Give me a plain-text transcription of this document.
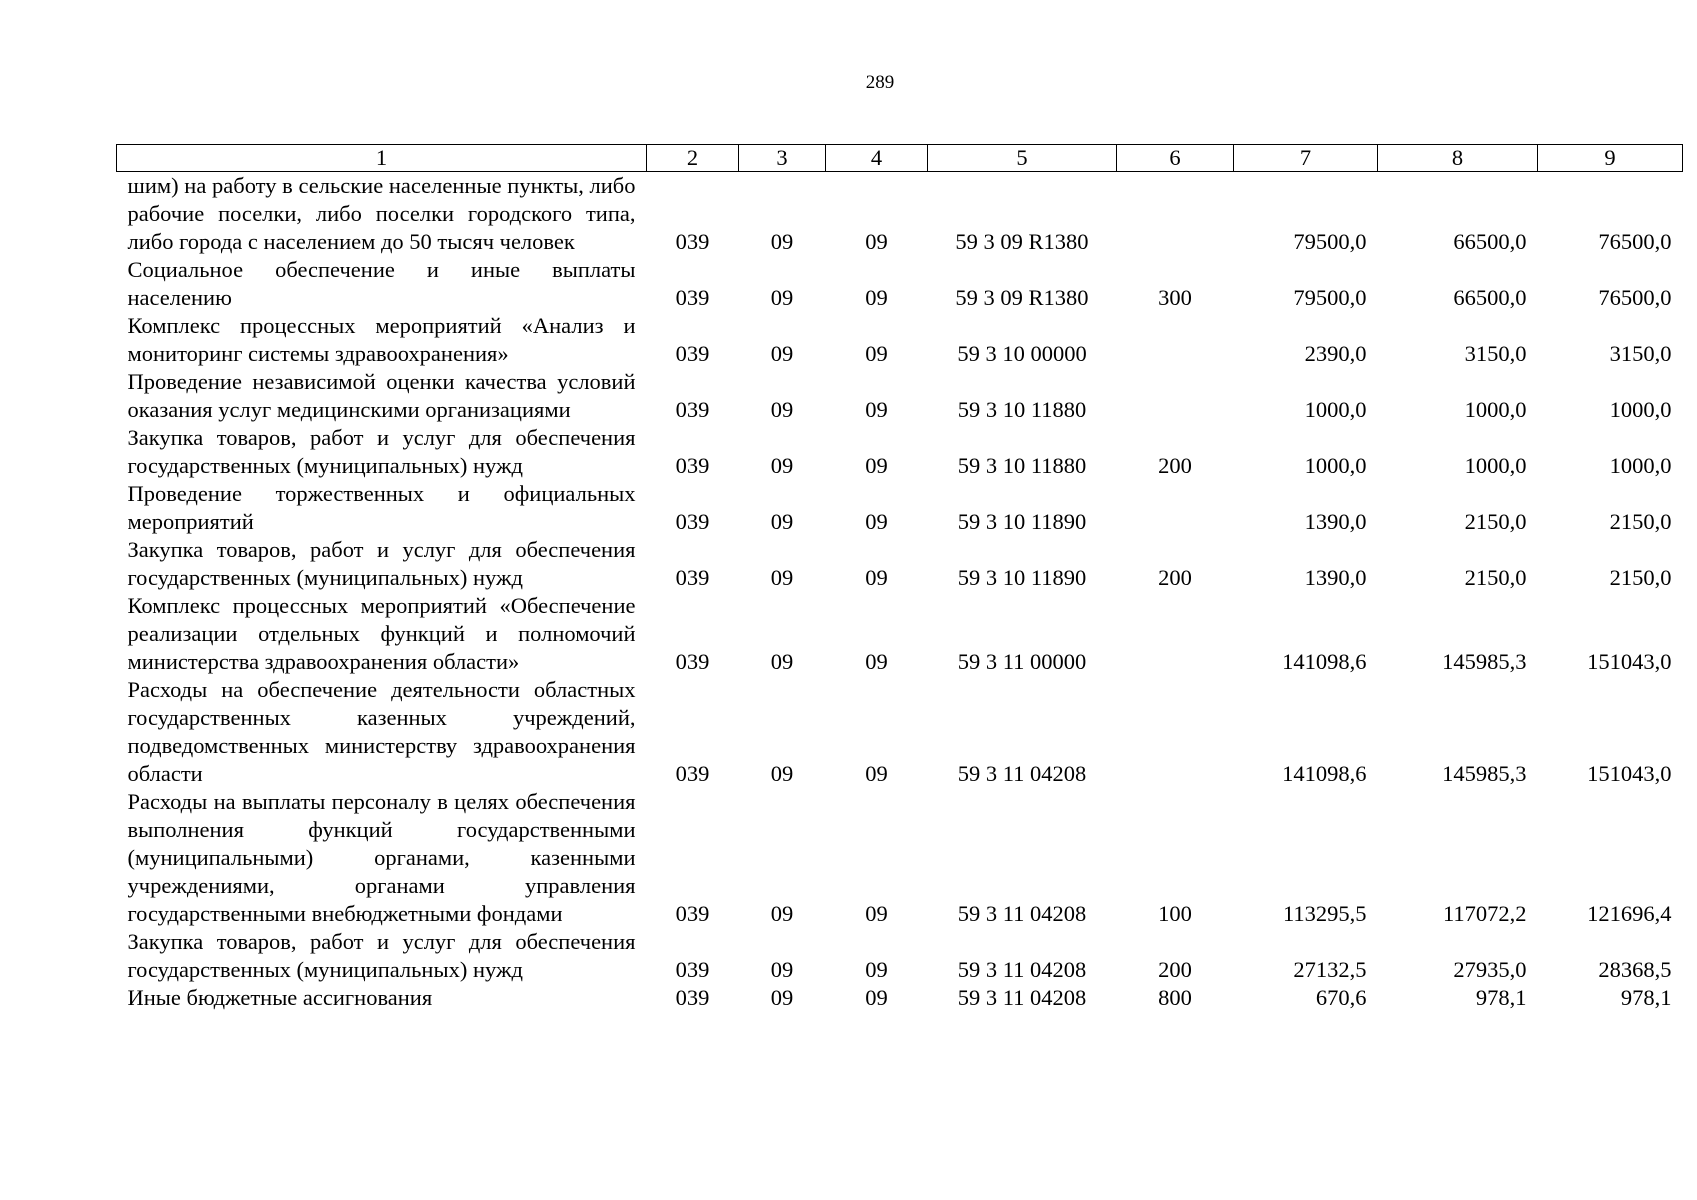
289
1	2	3	4	5	6	7	8	9
шим) на работу в сельские населенные пункты, либо рабочие поселки, либо поселки городского типа, либо города с населением до 50 тысяч человек	039	09	09	59 3 09 R1380		79500,0	66500,0	76500,0
Социальное обеспечение и иные выплаты населению	039	09	09	59 3 09 R1380	300	79500,0	66500,0	76500,0
Комплекс процессных мероприятий «Анализ и мониторинг системы здравоохранения»	039	09	09	59 3 10 00000		2390,0	3150,0	3150,0
Проведение независимой оценки качества условий оказания услуг медицинскими организациями	039	09	09	59 3 10 11880		1000,0	1000,0	1000,0
Закупка товаров, работ и услуг для обеспечения государственных (муниципальных) нужд	039	09	09	59 3 10 11880	200	1000,0	1000,0	1000,0
Проведение торжественных и официальных мероприятий	039	09	09	59 3 10 11890		1390,0	2150,0	2150,0
Закупка товаров, работ и услуг для обеспечения государственных (муниципальных) нужд	039	09	09	59 3 10 11890	200	1390,0	2150,0	2150,0
Комплекс процессных мероприятий «Обеспечение реализации отдельных функций и полномочий министерства здравоохранения области»	039	09	09	59 3 11 00000		141098,6	145985,3	151043,0
Расходы на обеспечение деятельности областных государственных казенных учреждений, подведомственных министерству здравоохранения области	039	09	09	59 3 11 04208		141098,6	145985,3	151043,0
Расходы на выплаты персоналу в целях обеспечения выполнения функций государственными (муниципальными) органами, казенными учреждениями, органами управления государственными внебюджетными фондами	039	09	09	59 3 11 04208	100	113295,5	117072,2	121696,4
Закупка товаров, работ и услуг для обеспечения государственных (муниципальных) нужд	039	09	09	59 3 11 04208	200	27132,5	27935,0	28368,5
Иные бюджетные ассигнования	039	09	09	59 3 11 04208	800	670,6	978,1	978,1
